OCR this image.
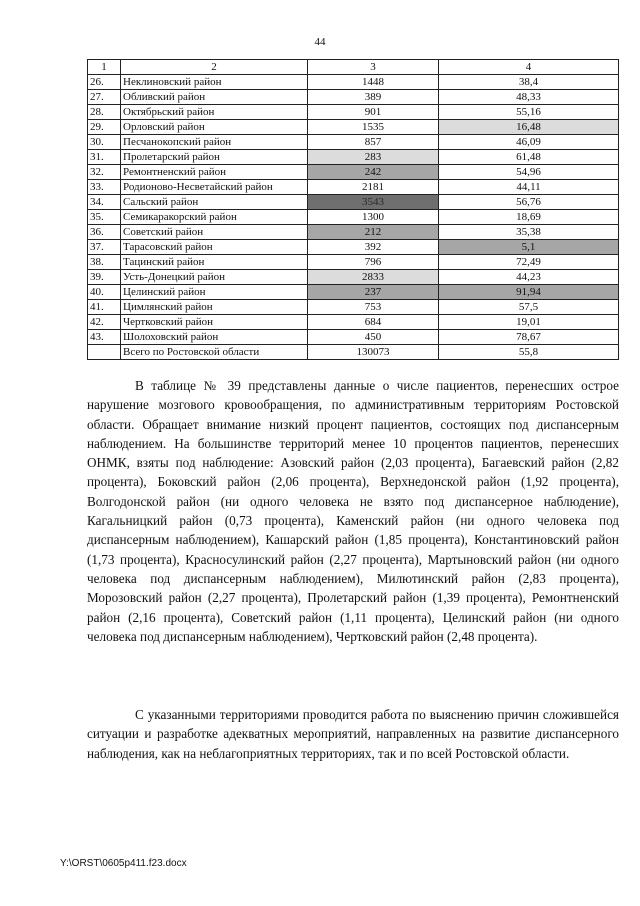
44
1	2	3	4
26.	Неклиновский район	1448	38,4
27.	Обливский район	389	48,33
28.	Октябрьский район	901	55,16
29.	Орловский район	1535	16,48
30.	Песчанокопский район	857	46,09
31.	Пролетарский район	283	61,48
32.	Ремонтненский район	242	54,96
33.	Родионово-Несветайский район	2181	44,11
34.	Сальский район	3543	56,76
35.	Семикаракорский район	1300	18,69
36.	Советский район	212	35,38
37.	Тарасовский район	392	5,1
38.	Тацинский район	796	72,49
39.	Усть-Донецкий район	2833	44,23
40.	Целинский район	237	91,94
41.	Цимлянский район	753	57,5
42.	Чертковский район	684	19,01
43.	Шолоховский район	450	78,67
	Всего по Ростовской области	130073	55,8

В таблице № 39 представлены данные о числе пациентов, перенесших острое нарушение мозгового кровообращения, по административным территориям Ростовской области. Обращает внимание низкий процент пациентов, состоящих под диспансерным наблюдением. На большинстве территорий менее 10 процентов пациентов, перенесших ОНМК, взяты под наблюдение: Азовский район (2,03 процента), Багаевский район (2,82 процента), Боковский район (2,06 процента), Верхнедонской район (1,92 процента), Волгодонской район (ни одного человека не взято под диспансерное наблюдение), Кагальницкий район (0,73 процента), Каменский район (ни одного человека под диспансерным наблюдением), Кашарский район (1,85 процента), Константиновский район (1,73 процента), Красносулинский район (2,27 процента), Мартыновский район (ни одного человека под диспансерным наблюдением), Милютинский район (2,83 процента), Морозовский район (2,27 процента), Пролетарский район (1,39 процента), Ремонтненский район (2,16 процента), Советский район (1,11 процента), Целинский район (ни одного человека под диспансерным наблюдением), Чертковский район (2,48 процента).

С указанными территориями проводится работа по выяснению причин сложившейся ситуации и разработке адекватных мероприятий, направленных на развитие диспансерного наблюдения, как на неблагоприятных территориях, так и по всей Ростовской области.

Y:\ORST\0605p411.f23.docx
